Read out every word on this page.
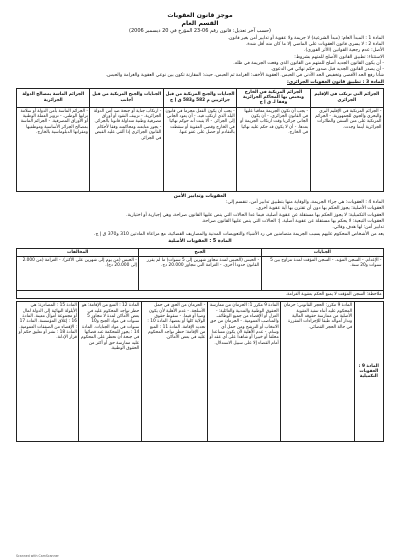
موجز قانون العقوبات
القسم العام
(حسب آخر تعديل: قانون رقم 06-23 المؤرخ في 20 ديسمبر 2006)

المادة 1 : المبدأ العام: (مبدأ الشرعية) لا جريمة ولا عقوبة أو تدابير أمن بغير قانون.

المادة 2 : لا يسري قانون العقوبات على الماضي إلا ما كان منه أقل شدة.

الأصل: عدم رجعية القوانين (الأثر الفوري).

الاستثناء: تطبيق القانون الأصلح للمتهم بشروط:

- أن يكون القانون الجديد أصلح للمتهم من القانون الذي وقعت الجريمة في ظله.

- أن يصدر القانون الجديد قبل صدور حكم نهائي في الدعوى.

شأنا رفع الحد الأقصى وتخفيض الحد الأدنى في الحبس. العقوبة الأخف: الغرامة ثم الحبس، حيث: المقارنة تكون بين نوعي العقوبة والغرامة والحبس.

المادة 3 : تطبيق قانون العقوبات الجزائري:

الجرائم التي ترتكب في الإقليم الجزائري	الجرائم المرتكبة في الخارج وتختص بها المحاكم الجزائرية وفقا لـ ق إ ج	الجنايات والجنح المرتكبة من قبل جزائريين م 582 و583 ق إ ج	الجنايات والجنح المرتكبة من قبل أجانب	الجرائم الماسة بمصالح الدولة الجزائرية
- الجرائم المرتكبة في الإقليم البري والبحري والجوي للجمهورية. - الجرائم المرتكبة على متن السفن والطائرات الجزائرية أينما وجدت.	- يجب أن تكون الجريمة معاقبا عليها في القانون الجزائري. - أن يكون الجاني جزائريا وقت ارتكاب الجريمة أو بعدها. - أن لا يكون قد حكم عليه نهائيا في الخارج.	- يجب أن يكون الفعل مجرما في قانون البلد الذي ارتكب فيه. - أن يعود الجاني إلى الجزائر. - ألا يثبت أنه حوكم نهائيا في الخارج وقضى العقوبة أو سقطت بالتقادم أو حصل على عفو عنها.	- ارتكاب جناية أو جنحة ضد أمن الدولة الجزائرية. - تزييف النقود أو أوراق مصرفية وطنية متداولة قانونا بالجزائر. - يجوز متابعته ومحاكمته وفقا لأحكام القانون الجزائري إذا ألقي عليه القبض في الجزائر.	- الجرائم الماسة بأمن الدولة أو سلامة ترابها الوطني. - تزوير العملة الوطنية أو الأوراق المصرفية. - الجرائم الماسة بمصالح الجزائر الأساسية وموظفيها ومقراتها الدبلوماسية بالخارج.
العقوبات وتدابير الأمن

المادة 4 : العقوبات: هي جزاء الجريمة، والوقاية منها بتطبيق تدابير أمن، تنقسم إلى:

العقوبات الأصلية: يجوز الحكم بها دون أن تقترن بها أية عقوبة أخرى.

العقوبات التكميلية: لا يجوز الحكم بها مستقلة عن عقوبة أصلية، فيما عدا الحالات التي ينص عليها القانون صراحة، وهي إجبارية أو اختيارية.

العقوبات التبعية: لا يحكم بها مستقلة عن عقوبة أصلية. إ: الحالات التي ينص عليها القانون صراحة.

تدابير أمن: لها هدف وقائي.

يعد من الأشخاص المحكوم عليهم يسبب الجريمة متضامنين في رد الأشياء والتعويضات المدنية والمصاريف القضائية، مع مراعاة المادتين 310 و370 ق إ ج.

المادة 5 : العقوبات الأصلية
الجنايات	الجنح	المخالفات
- الإعدام. - السجن المؤبد. - السجن المؤقت لمدة تتراوح بين 5 سنوات و20 سنة.	- الحبس (الحبس لمدة تتجاوز شهرين إلى 5 سنوات) ما لم يقرر القانون حدودا أخرى. - الغرامة التي تتجاوز 20.000 دج.	- الحبس (من يوم إلى شهرين على الأكثر). - الغرامة (من 2.000 إلى 20.000 دج).
ملاحظة: السجن المؤقت لا يمنع الحكم بعقوبة الغرامة.		
المادة 9 : العقوبات التكميلية	المادة 9 مكرر: الحجر القانوني: حرمان المحكوم عليه أثناء تنفيذ العقوبة الأصلية من ممارسة حقوقه المالية وتدار أمواله طبقا للإجراءات المقررة في حالة الحجر القضائي.	المادة 9 مكرر 1: الحرمان من ممارسة الحقوق الوطنية والمدنية والعائلية: - العزل أو الإقصاء من جميع الوظائف والمناصب العمومية. - الحرمان من حق الانتخاب أو الترشح ومن حمل أي وسام. - عدم الأهلية لأن يكون مساعدا محلفا أو خبيرا أو شاهدا على أي عقد أو أمام القضاء إلا على سبيل الاستدلال.	- الحرمان من الحق في حمل الأسلحة. - عدم الأهلية لأن يكون وصيا أو قيما. - سقوط حقوق الولاية كلها أو بعضها. المادة 10 : تحديد الإقامة. المادة 11 : المنع من الإقامة: حظر تواجد المحكوم عليه في بعض الأماكن.	المادة 12 : المنع من الإقامة: هو حظر تواجد المحكوم عليه في بعض الأماكن لمدة لا تتجاوز 5 سنوات في مواد الجنح و10 سنوات في مواد الجنايات. المادة 14 : يجوز للمحكمة عند قضائها في جنحة أن تحظر على المحكوم عليه ممارسة حق أو أكثر من الحقوق الوطنية.	المادة 15 : المصادرة: هي الأيلولة النهائية إلى الدولة لمال أو مجموعة أموال معينة. المادة 16 : إغلاق المؤسسة. المادة 17 : الإقصاء من الصفقات العمومية. المادة 18 : نشر أو تعليق حكم أو قرار الإدانة.
Scanned with CamScanner
